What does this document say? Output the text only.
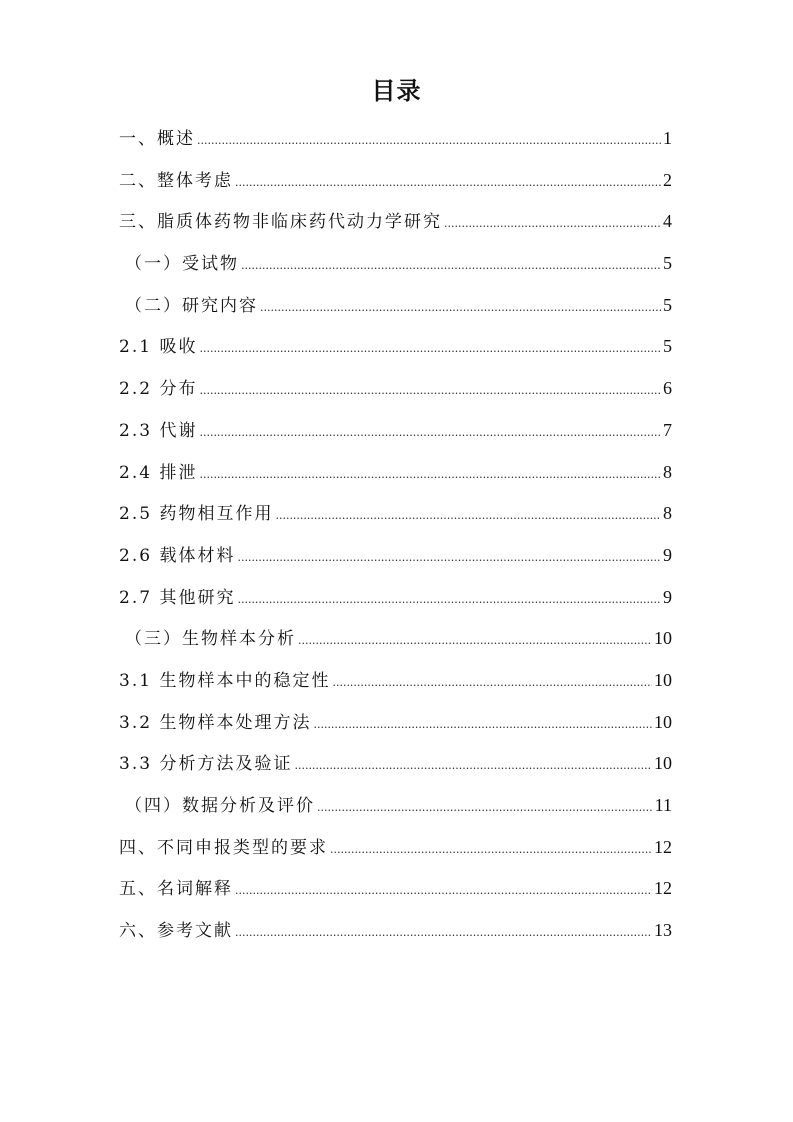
目录
一、概述 .....	1
二、整体考虑 .....	2
三、脂质体药物非临床药代动力学研究 .....	4
（一）受试物 .....	5
（二）研究内容 .....	5
2.1 吸收 .....	5
2.2 分布 .....	6
2.3 代谢 .....	7
2.4 排泄 .....	8
2.5 药物相互作用 .....	8
2.6 载体材料 .....	9
2.7 其他研究 .....	9
（三）生物样本分析 .....	10
3.1 生物样本中的稳定性 .....	10
3.2 生物样本处理方法 .....	10
3.3 分析方法及验证 .....	10
（四）数据分析及评价 .....	11
四、不同申报类型的要求 .....	12
五、名词解释 .....	12
六、参考文献 .....	13
